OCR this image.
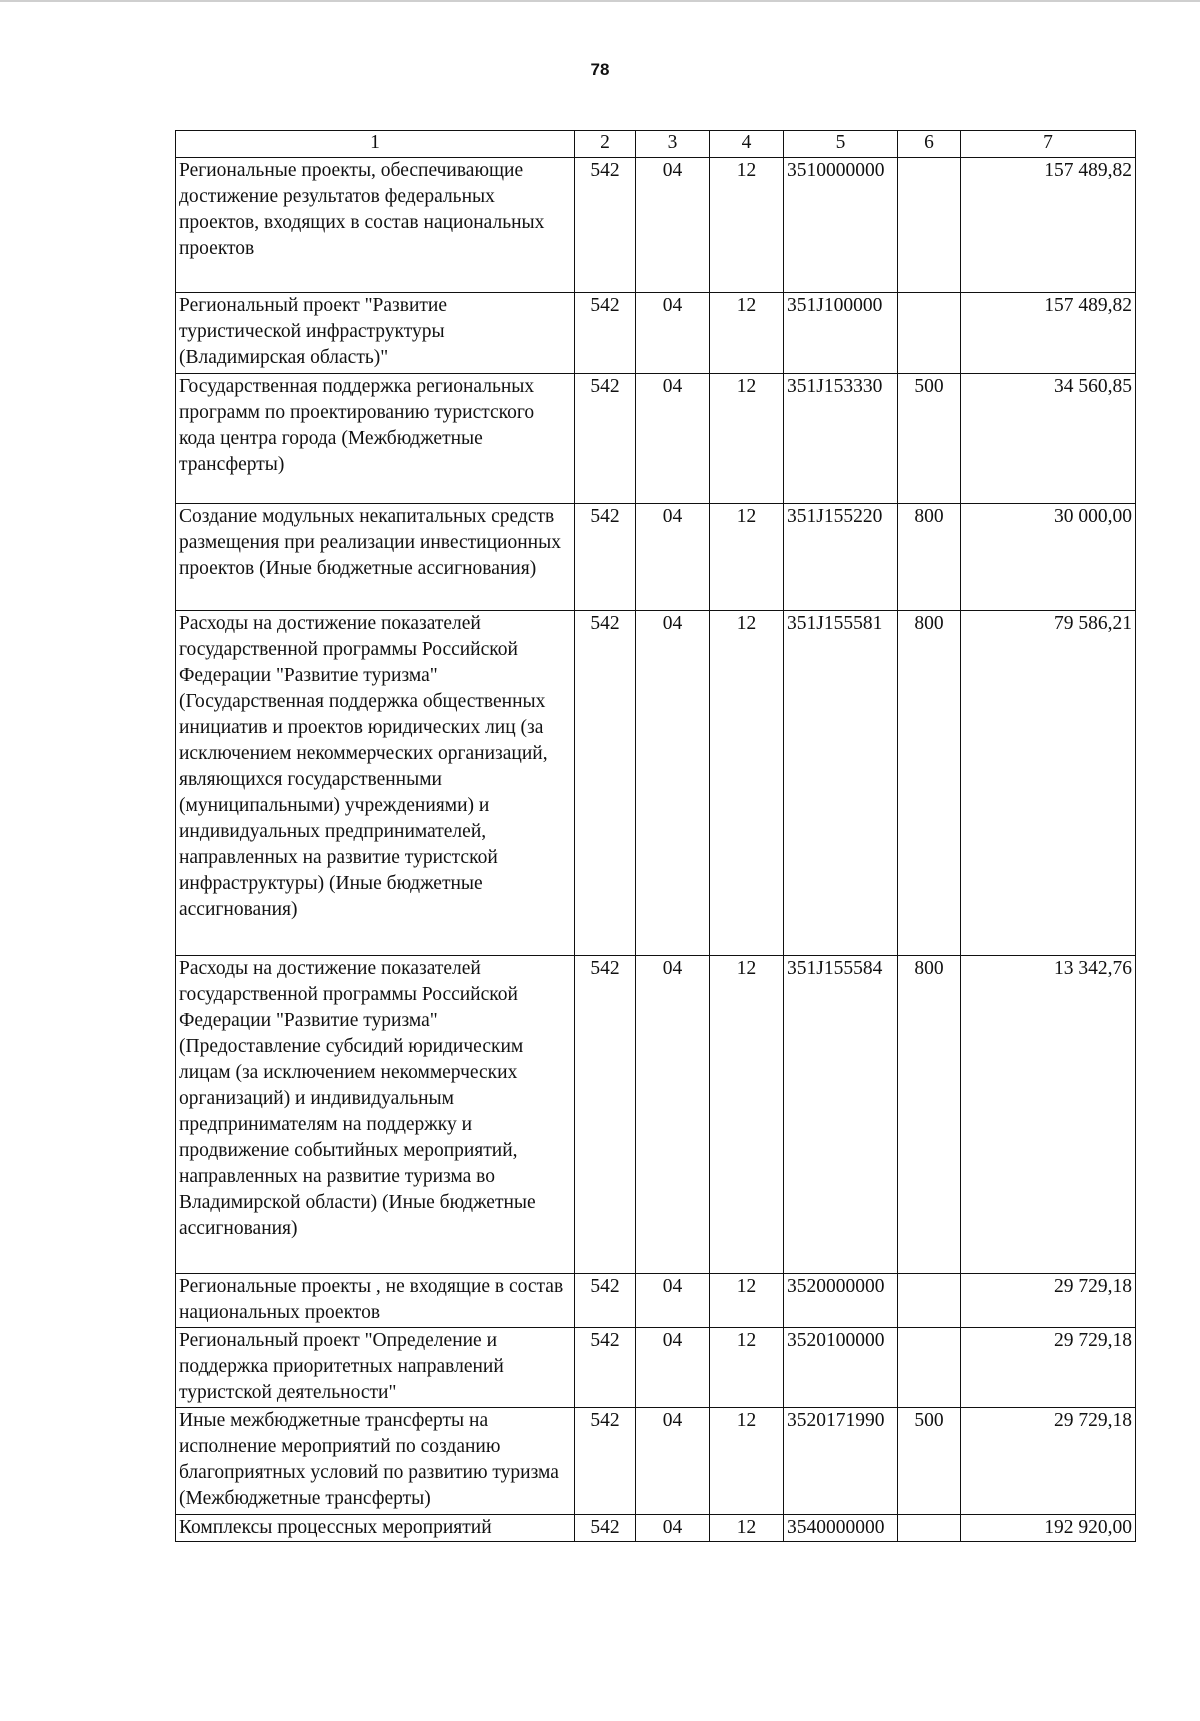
78
1	2	3	4	5	6	7
Региональные проекты, обеспечивающие достижение результатов федеральных проектов, входящих в состав национальных проектов	542	04	12	3510000000		157 489,82
Региональный проект "Развитие туристической инфраструктуры (Владимирская область)"	542	04	12	351J100000		157 489,82
Государственная поддержка региональных программ по проектированию туристского кода центра города (Межбюджетные трансферты)	542	04	12	351J153330	500	34 560,85
Создание модульных некапитальных средств размещения при реализации инвестиционных проектов (Иные бюджетные ассигнования)	542	04	12	351J155220	800	30 000,00
Расходы на достижение показателей государственной программы Российской Федерации "Развитие туризма" (Государственная поддержка общественных инициатив и проектов юридических лиц (за исключением некоммерческих организаций, являющихся государственными (муниципальными) учреждениями) и индивидуальных предпринимателей, направленных на развитие туристской инфраструктуры) (Иные бюджетные ассигнования)	542	04	12	351J155581	800	79 586,21
Расходы на достижение показателей государственной программы Российской Федерации "Развитие туризма" (Предоставление субсидий юридическим лицам (за исключением некоммерческих организаций) и индивидуальным предпринимателям на поддержку и продвижение событийных мероприятий, направленных на развитие туризма во Владимирской области) (Иные бюджетные ассигнования)	542	04	12	351J155584	800	13 342,76
Региональные проекты , не входящие в состав национальных проектов	542	04	12	3520000000		29 729,18
Региональный проект "Определение и поддержка приоритетных направлений туристской деятельности"	542	04	12	3520100000		29 729,18
Иные межбюджетные трансферты на исполнение мероприятий по созданию благоприятных условий по развитию туризма (Межбюджетные трансферты)	542	04	12	3520171990	500	29 729,18
Комплексы процессных мероприятий	542	04	12	3540000000		192 920,00
